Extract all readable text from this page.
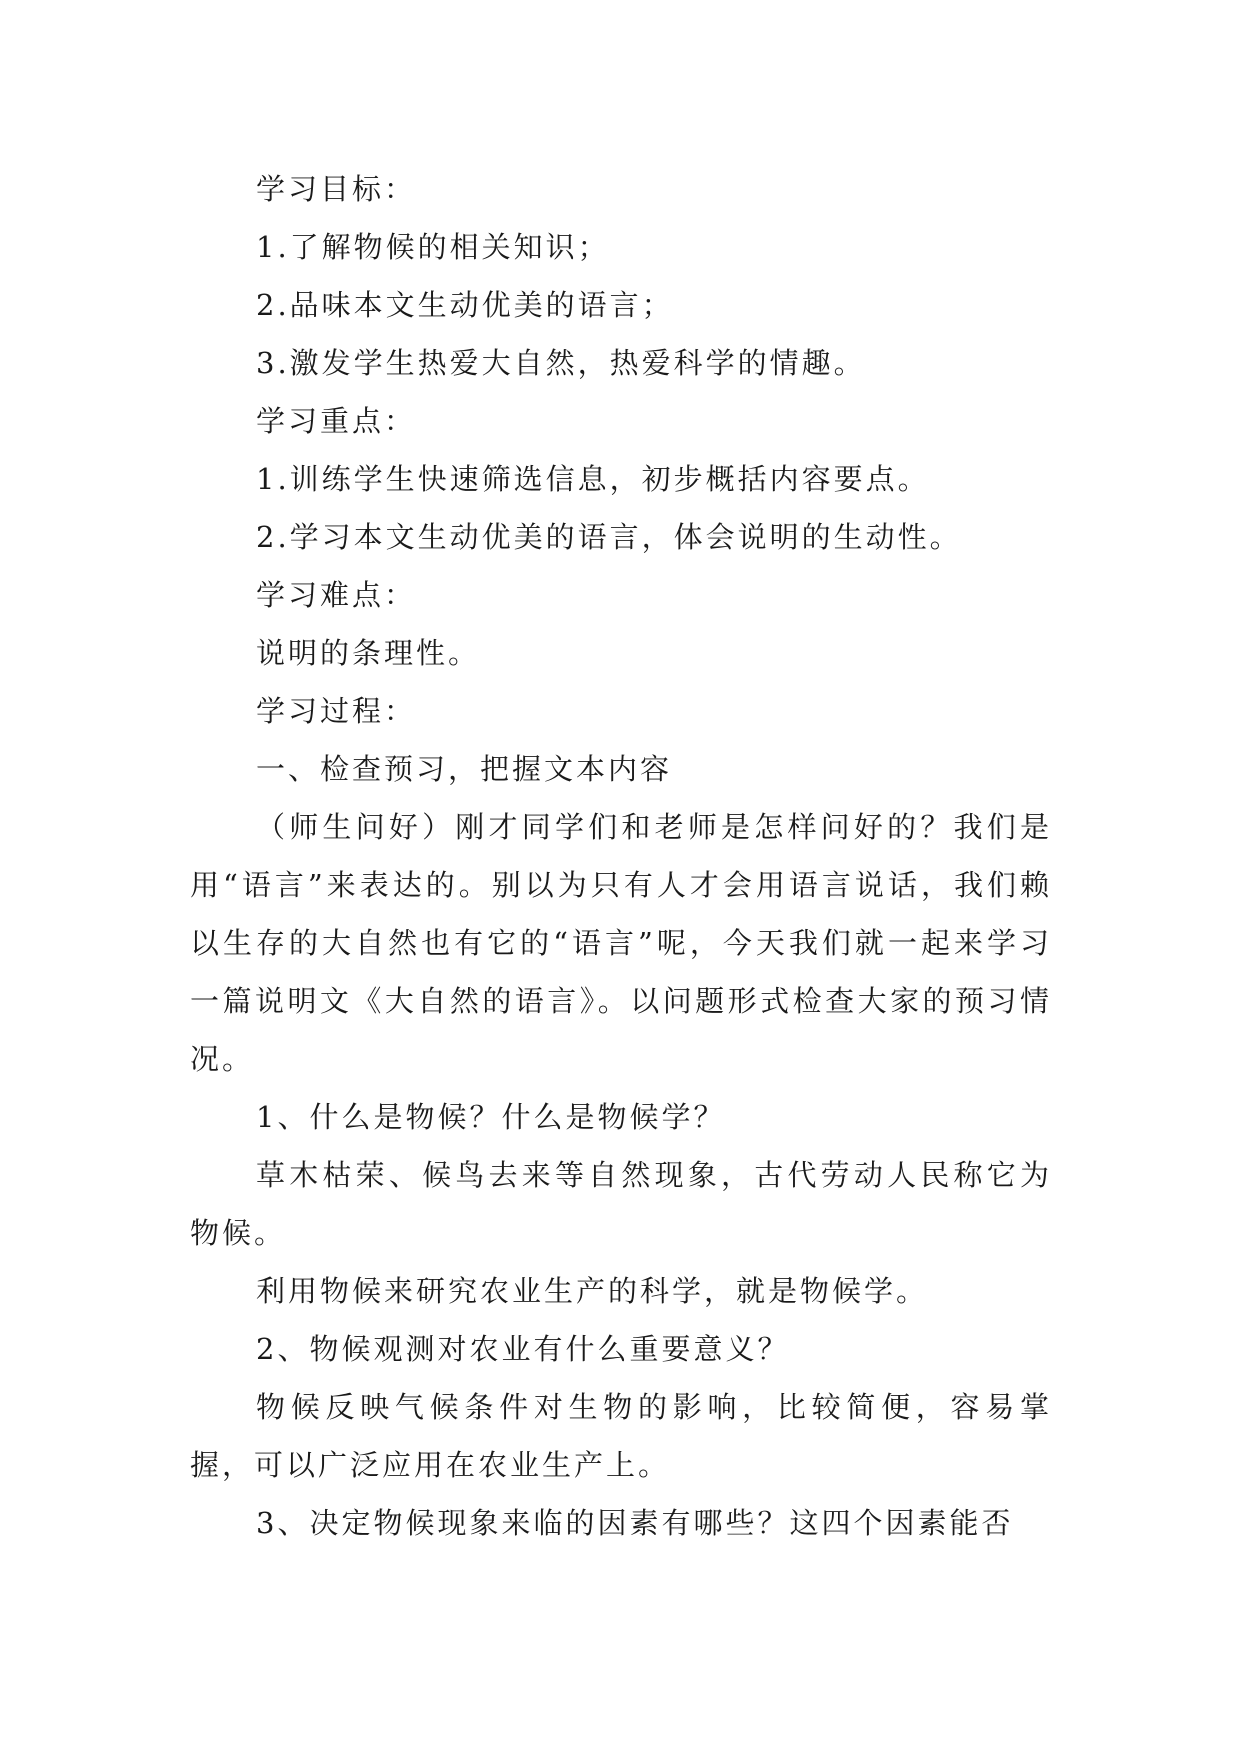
学习目标：

1.了解物候的相关知识；

2.品味本文生动优美的语言；

3.激发学生热爱大自然，热爱科学的情趣。

学习重点：

1.训练学生快速筛选信息，初步概括内容要点。

2.学习本文生动优美的语言，体会说明的生动性。

学习难点：

说明的条理性。

学习过程：

一、检查预习，把握文本内容

（师生问好）刚才同学们和老师是怎样问好的？我们是用“语言”来表达的。别以为只有人才会用语言说话，我们赖以生存的大自然也有它的“语言”呢，今天我们就一起来学习一篇说明文《大自然的语言》。以问题形式检查大家的预习情况。

1、什么是物候？什么是物候学？

草木枯荣、候鸟去来等自然现象，古代劳动人民称它为物候。

利用物候来研究农业生产的科学，就是物候学。

2、物候观测对农业有什么重要意义？

物候反映气候条件对生物的影响，比较简便，容易掌握，可以广泛应用在农业生产上。

3、决定物候现象来临的因素有哪些？这四个因素能否
